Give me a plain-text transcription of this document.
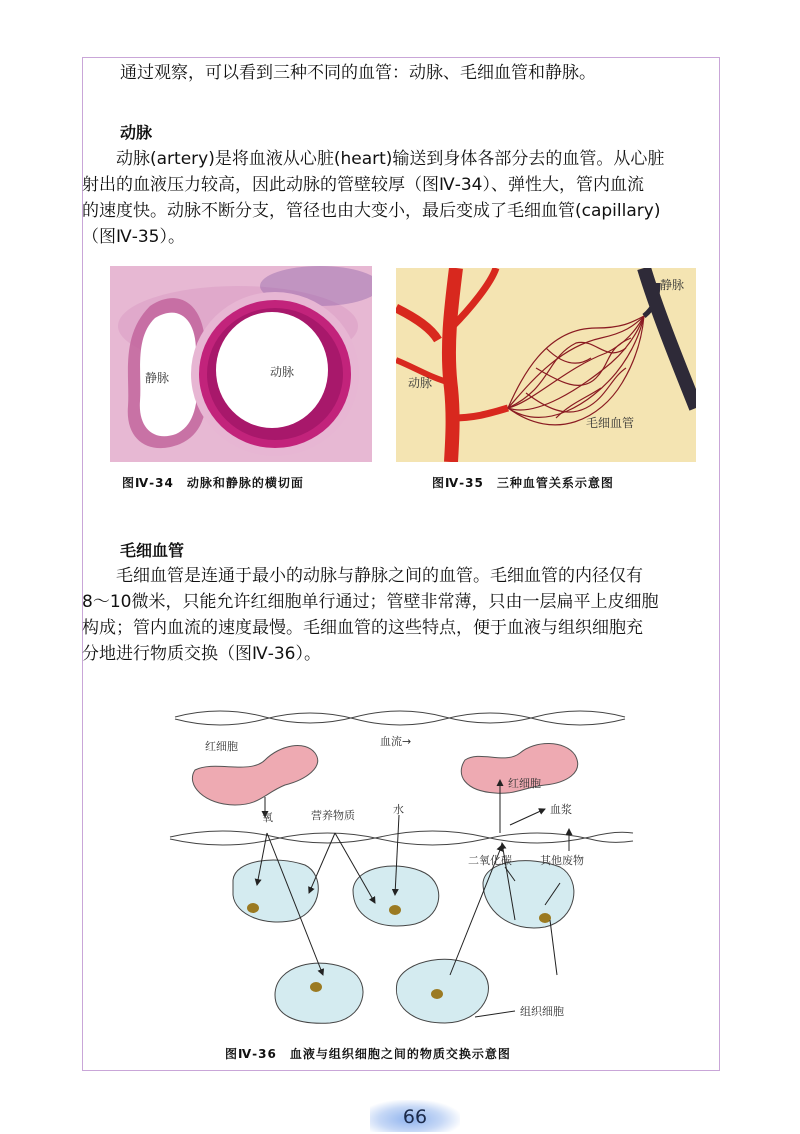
通过观察，可以看到三种不同的血管：动脉、毛细血管和静脉。

动脉
　　动脉(artery)是将血液从心脏(heart)输送到身体各部分去的血管。从心脏
射出的血液压力较高，因此动脉的管壁较厚（图Ⅳ-34）、弹性大，管内血流
的速度快。动脉不断分支，管径也由大变小，最后变成了毛细血管(capillary)
（图Ⅳ-35）。
静脉	动脉
图Ⅳ-34　动脉和静脉的横切面
静脉
动脉
毛细血管
图Ⅳ-35　三种血管关系示意图
毛细血管
　　毛细血管是连通于最小的动脉与静脉之间的血管。毛细血管的内径仅有
8～10微米，只能允许红细胞单行通过；管壁非常薄，只由一层扁平上皮细胞
构成；管内血流的速度最慢。毛细血管的这些特点，便于血液与组织细胞充
分地进行物质交换（图Ⅳ-36）。
红细胞	血流→
红细胞
血浆
氧	营养物质	水
二氧化碳	其他废物
组织细胞
图Ⅳ-36　血液与组织细胞之间的物质交换示意图
66
